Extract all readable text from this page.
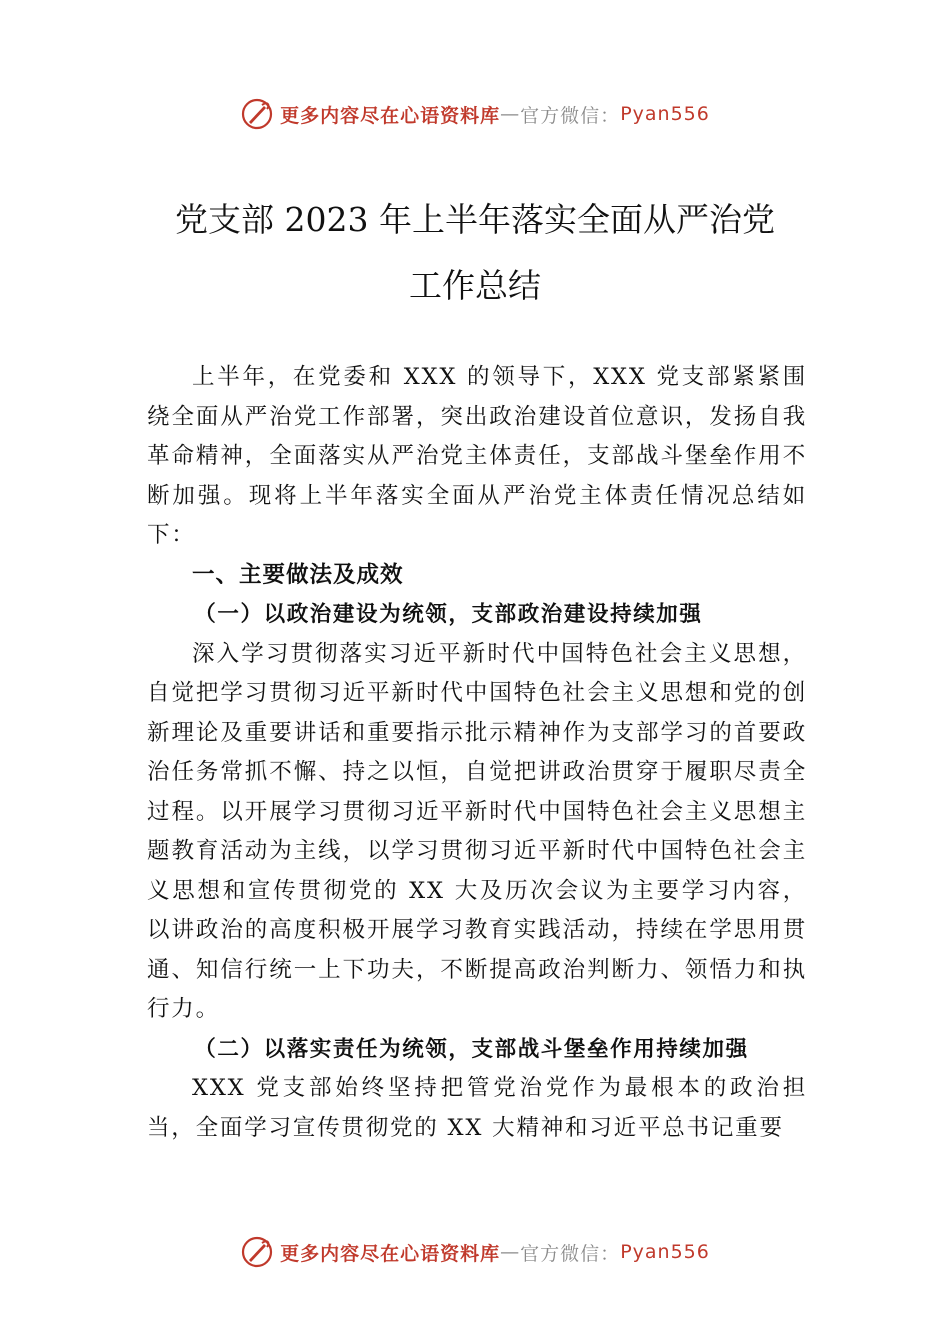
更多内容尽在心语资料库 — 官方微信： Pyan556
党支部 2023 年上半年落实全面从严治党
工作总结

上半年，在党委和 XXX 的领导下，XXX 党支部紧紧围绕全面从严治党工作部署，突出政治建设首位意识，发扬自我革命精神，全面落实从严治党主体责任，支部战斗堡垒作用不断加强。现将上半年落实全面从严治党主体责任情况总结如下：

一、主要做法及成效

（一）以政治建设为统领，支部政治建设持续加强

深入学习贯彻落实习近平新时代中国特色社会主义思想，自觉把学习贯彻习近平新时代中国特色社会主义思想和党的创新理论及重要讲话和重要指示批示精神作为支部学习的首要政治任务常抓不懈、持之以恒，自觉把讲政治贯穿于履职尽责全过程。以开展学习贯彻习近平新时代中国特色社会主义思想主题教育活动为主线，以学习贯彻习近平新时代中国特色社会主义思想和宣传贯彻党的 XX 大及历次会议为主要学习内容，以讲政治的高度积极开展学习教育实践活动，持续在学思用贯通、知信行统一上下功夫，不断提高政治判断力、领悟力和执行力。

（二）以落实责任为统领，支部战斗堡垒作用持续加强

XXX 党支部始终坚持把管党治党作为最根本的政治担当，全面学习宣传贯彻党的 XX 大精神和习近平总书记重要

更多内容尽在心语资料库 — 官方微信： Pyan556
